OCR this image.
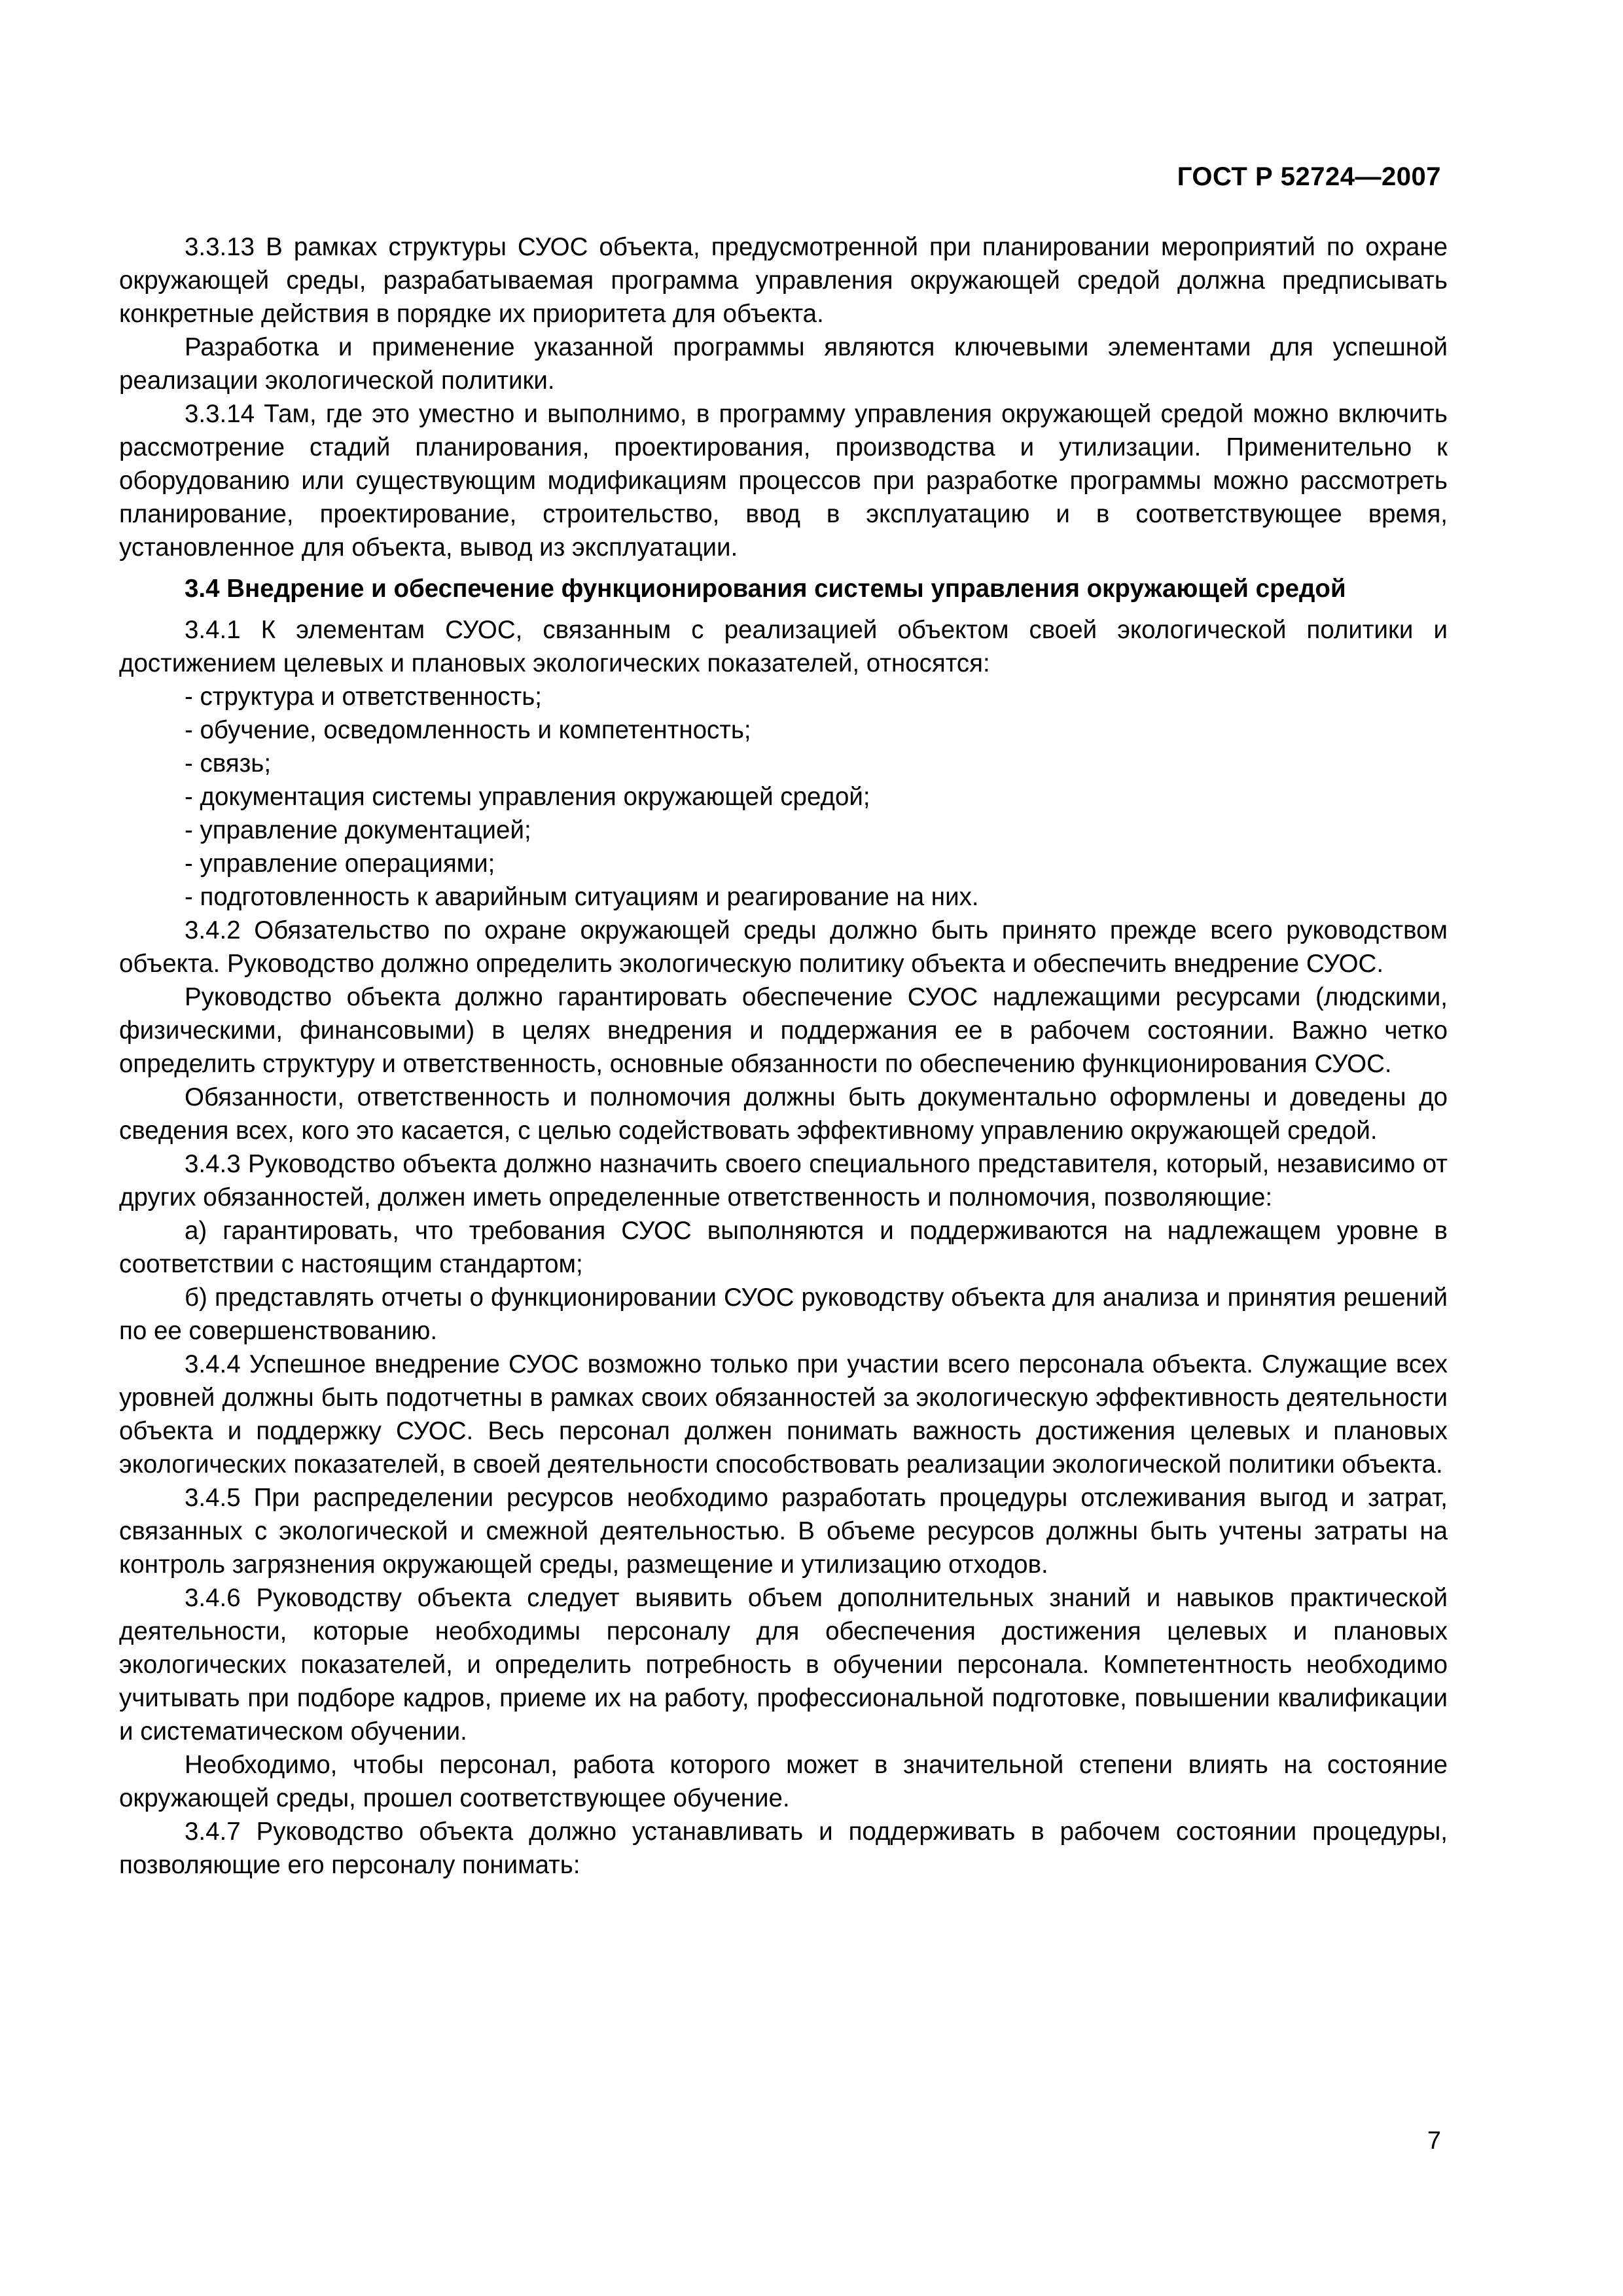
ГОСТ Р 52724—2007

3.3.13 В рамках структуры СУОС объекта, предусмотренной при планировании мероприятий по охране окружающей среды, разрабатываемая программа управления окружающей средой должна предписывать конкретные действия в порядке их приоритета для объекта.

Разработка и применение указанной программы являются ключевыми элементами для успешной реализации экологической политики.

3.3.14 Там, где это уместно и выполнимо, в программу управления окружающей средой можно включить рассмотрение стадий планирования, проектирования, производства и утилизации. Применительно к оборудованию или существующим модификациям процессов при разработке программы можно рассмотреть планирование, проектирование, строительство, ввод в эксплуатацию и в соответствующее время, установленное для объекта, вывод из эксплуатации.

3.4 Внедрение и обеспечение функционирования системы управления окружающей средой

3.4.1 К элементам СУОС, связанным с реализацией объектом своей экологической политики и достижением целевых и плановых экологических показателей, относятся:

- структура и ответственность;
- обучение, осведомленность и компетентность;
- связь;
- документация системы управления окружающей средой;
- управление документацией;
- управление операциями;
- подготовленность к аварийным ситуациям и реагирование на них.

3.4.2 Обязательство по охране окружающей среды должно быть принято прежде всего руководством объекта. Руководство должно определить экологическую политику объекта и обеспечить внедрение СУОС.

Руководство объекта должно гарантировать обеспечение СУОС надлежащими ресурсами (людскими, физическими, финансовыми) в целях внедрения и поддержания ее в рабочем состоянии. Важно четко определить структуру и ответственность, основные обязанности по обеспечению функционирования СУОС.

Обязанности, ответственность и полномочия должны быть документально оформлены и доведены до сведения всех, кого это касается, с целью содействовать эффективному управлению окружающей средой.

3.4.3 Руководство объекта должно назначить своего специального представителя, который, независимо от других обязанностей, должен иметь определенные ответственность и полномочия, позволяющие:

а) гарантировать, что требования СУОС выполняются и поддерживаются на надлежащем уровне в соответствии с настоящим стандартом;

б) представлять отчеты о функционировании СУОС руководству объекта для анализа и принятия решений по ее совершенствованию.

3.4.4 Успешное внедрение СУОС возможно только при участии всего персонала объекта. Служащие всех уровней должны быть подотчетны в рамках своих обязанностей за экологическую эффективность деятельности объекта и поддержку СУОС. Весь персонал должен понимать важность достижения целевых и плановых экологических показателей, в своей деятельности способствовать реализации экологической политики объекта.

3.4.5 При распределении ресурсов необходимо разработать процедуры отслеживания выгод и затрат, связанных с экологической и смежной деятельностью. В объеме ресурсов должны быть учтены затраты на контроль загрязнения окружающей среды, размещение и утилизацию отходов.

3.4.6 Руководству объекта следует выявить объем дополнительных знаний и навыков практической деятельности, которые необходимы персоналу для обеспечения достижения целевых и плановых экологических показателей, и определить потребность в обучении персонала. Компетентность необходимо учитывать при подборе кадров, приеме их на работу, профессиональной подготовке, повышении квалификации и систематическом обучении.

Необходимо, чтобы персонал, работа которого может в значительной степени влиять на состояние окружающей среды, прошел соответствующее обучение.

3.4.7 Руководство объекта должно устанавливать и поддерживать в рабочем состоянии процедуры, позволяющие его персоналу понимать:

7
